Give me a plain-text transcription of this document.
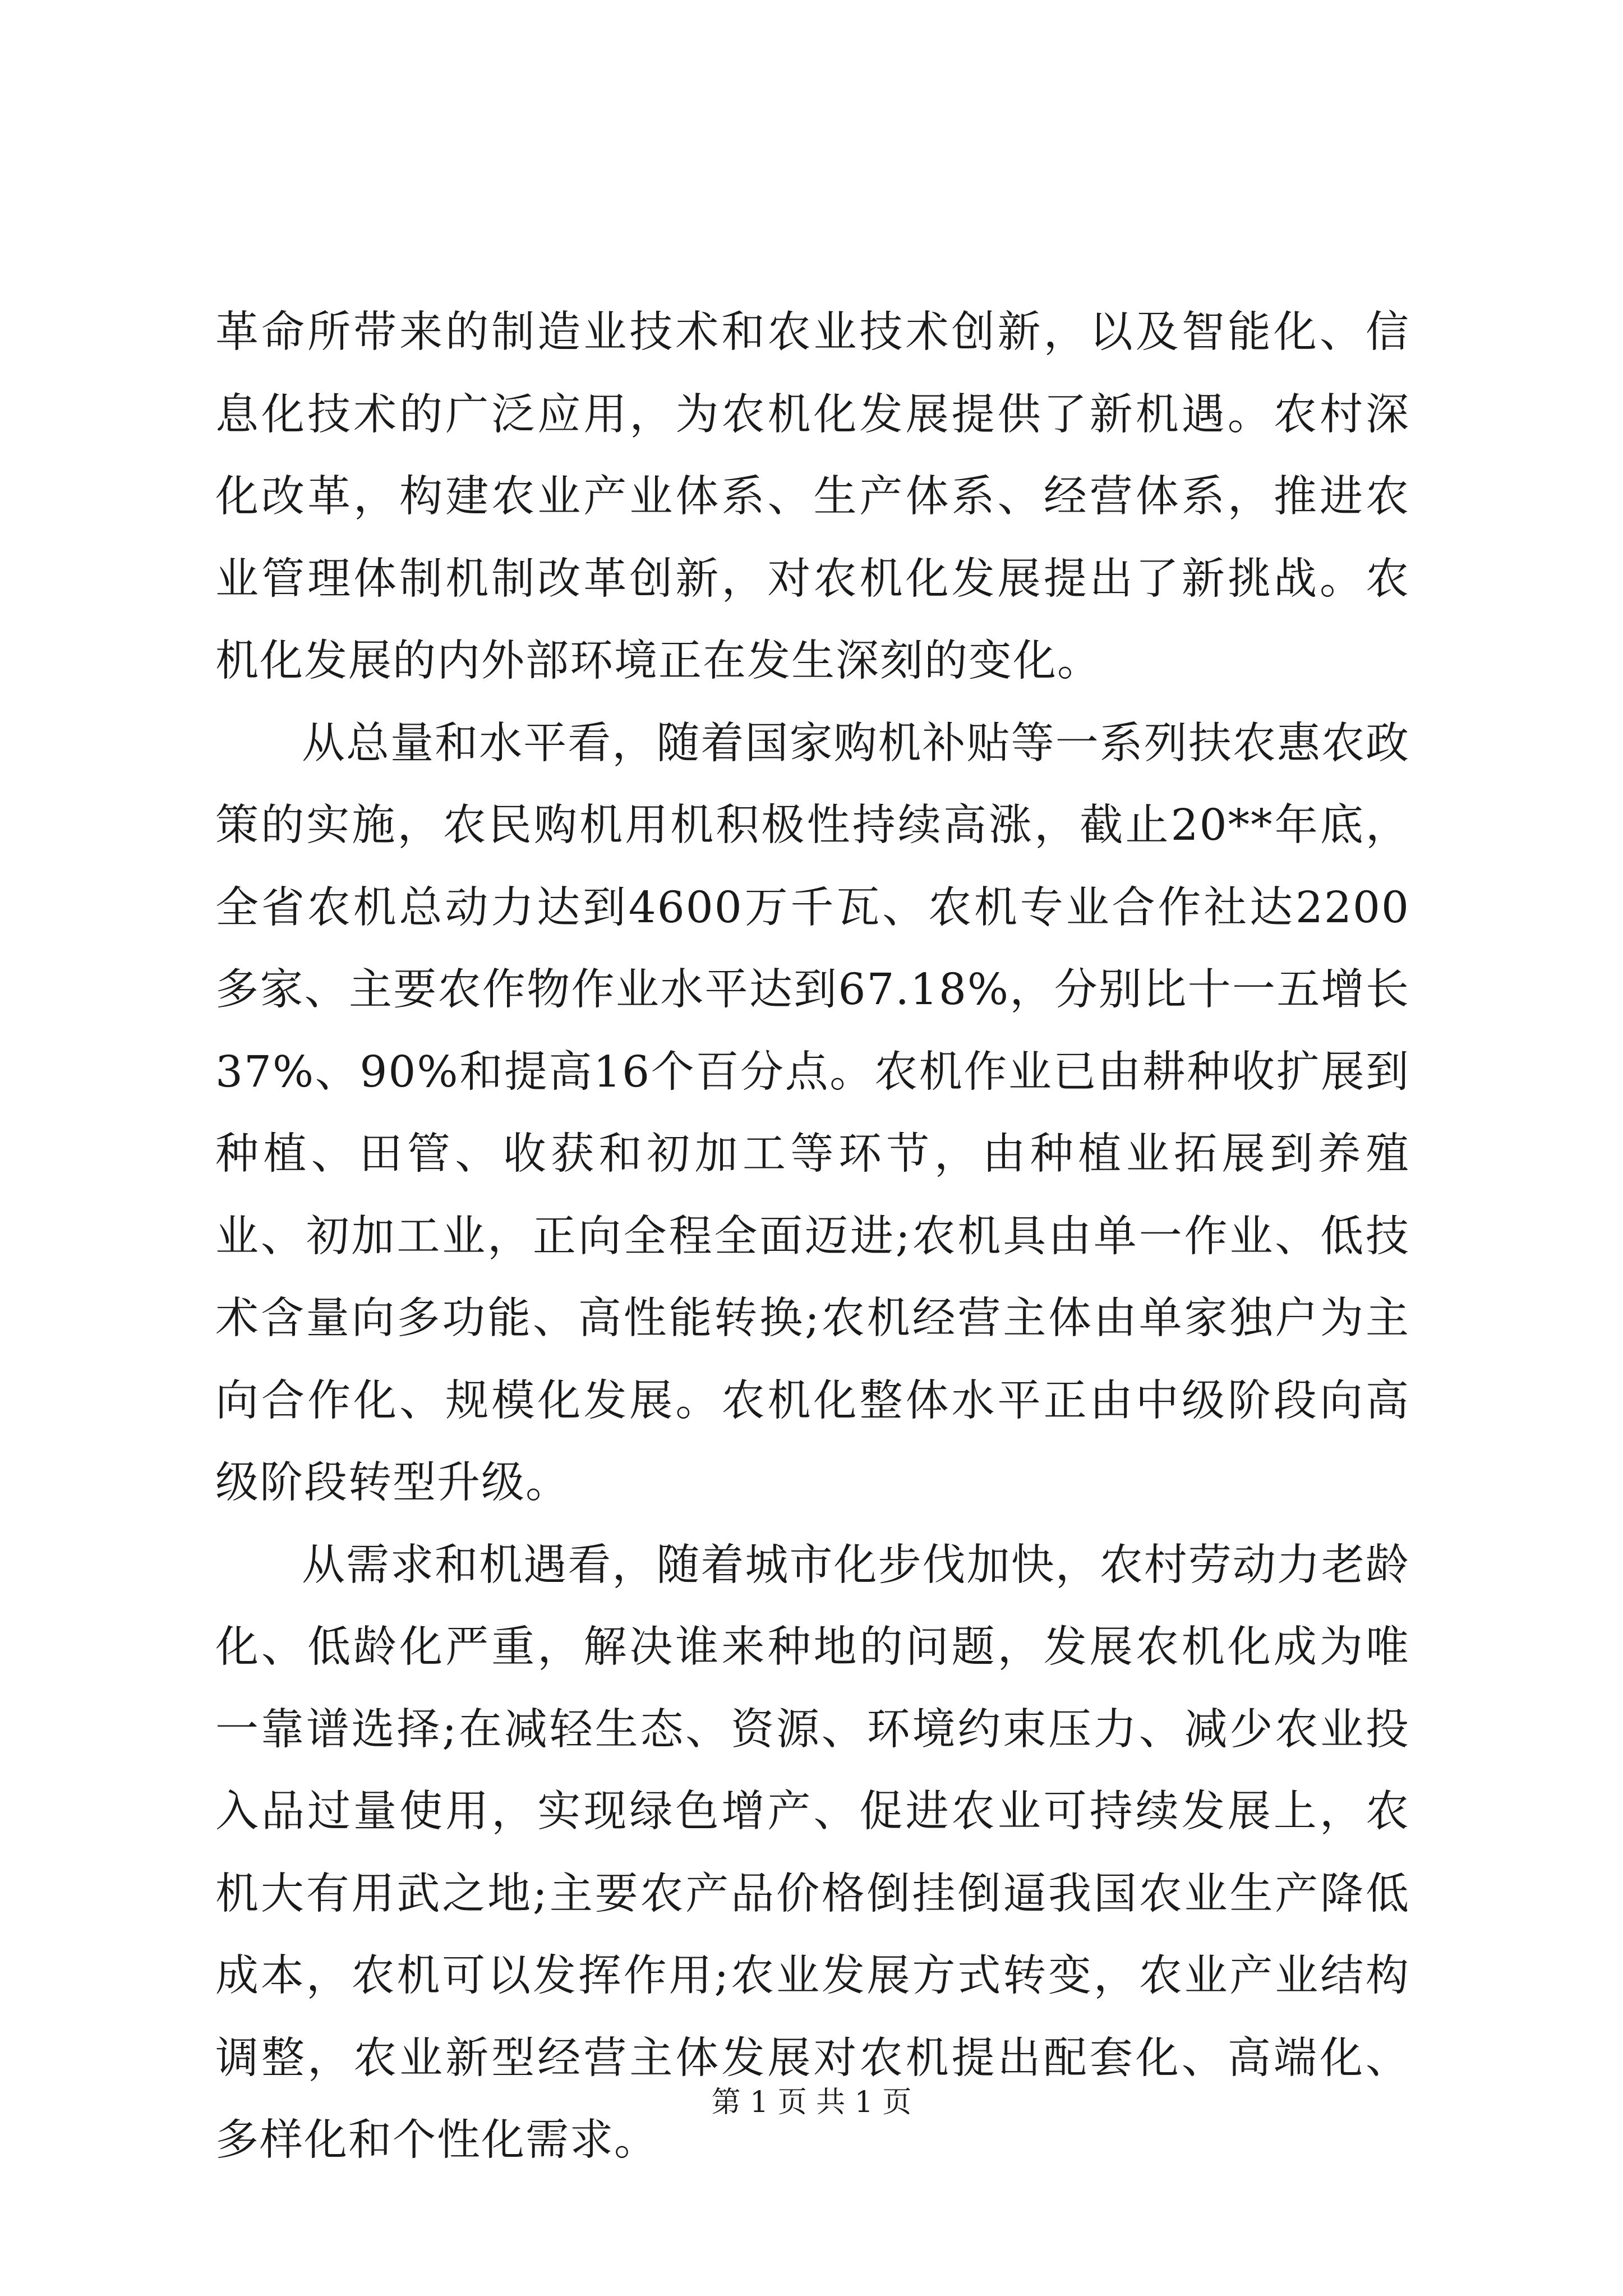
革命所带来的制造业技术和农业技术创新，以及智能化、信息化技术的广泛应用，为农机化发展提供了新机遇。农村深化改革，构建农业产业体系、生产体系、经营体系，推进农业管理体制机制改革创新，对农机化发展提出了新挑战。农机化发展的内外部环境正在发生深刻的变化。

从总量和水平看，随着国家购机补贴等一系列扶农惠农政策的实施，农民购机用机积极性持续高涨，截止20**年底，全省农机总动力达到4600万千瓦、农机专业合作社达2200多家、主要农作物作业水平达到67.18%，分别比十一五增长37%、90%和提高16个百分点。农机作业已由耕种收扩展到种植、田管、收获和初加工等环节，由种植业拓展到养殖业、初加工业，正向全程全面迈进;农机具由单一作业、低技术含量向多功能、高性能转换;农机经营主体由单家独户为主向合作化、规模化发展。农机化整体水平正由中级阶段向高级阶段转型升级。

从需求和机遇看，随着城市化步伐加快，农村劳动力老龄化、低龄化严重，解决谁来种地的问题，发展农机化成为唯一靠谱选择;在减轻生态、资源、环境约束压力、减少农业投入品过量使用，实现绿色增产、促进农业可持续发展上，农机大有用武之地;主要农产品价格倒挂倒逼我国农业生产降低成本，农机可以发挥作用;农业发展方式转变，农业产业结构调整，农业新型经营主体发展对农机提出配套化、高端化、多样化和个性化需求。

第 1 页 共 1 页
